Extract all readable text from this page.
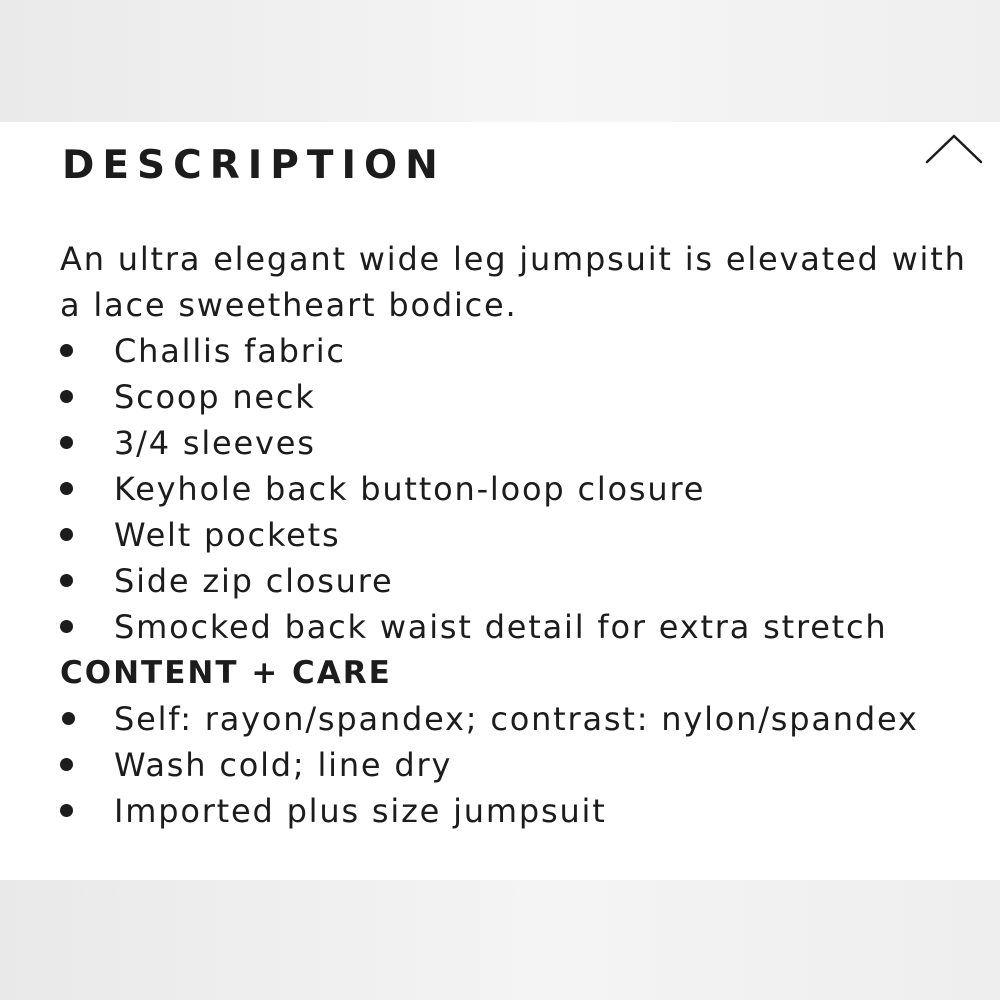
DESCRIPTION

An ultra elegant wide leg jumpsuit is elevated with a lace sweetheart bodice.

Challis fabric
Scoop neck
3/4 sleeves
Keyhole back button-loop closure
Welt pockets
Side zip closure
Smocked back waist detail for extra stretch
CONTENT + CARE
Self: rayon/spandex; contrast: nylon/spandex
Wash cold; line dry
Imported plus size jumpsuit
